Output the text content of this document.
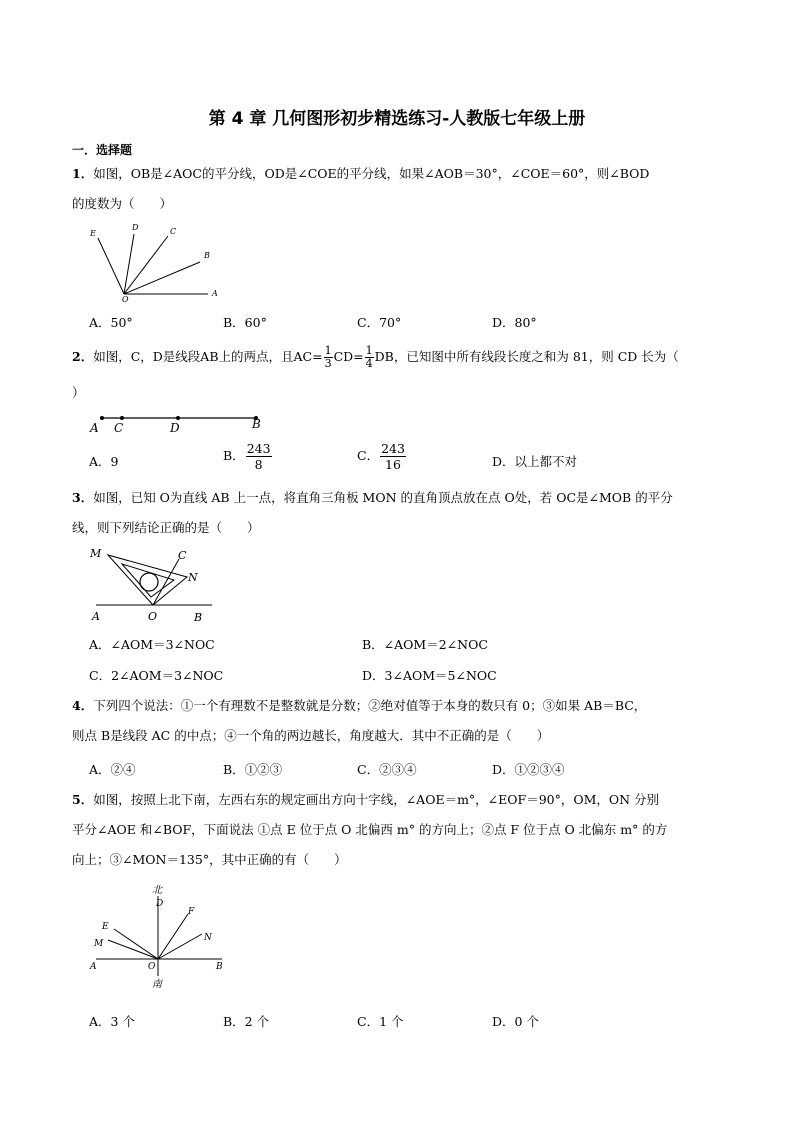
第 4 章 几何图形初步精选练习-人教版七年级上册
一．选择题
1．如图，OB是∠AOC的平分线，OD是∠COE的平分线，如果∠AOB＝30°，∠COE＝60°，则∠BOD
的度数为（　　）
E
D	C
B
O
A
A．50°	B．60°	C．70°	D．80°
2．如图，C，D是线段AB上的两点，且$AC= \frac{1}{3} CD= \frac{1}{4}$ DB，已知图中所有线段长度之和为 81，则 CD 长为（
）
A C	D	B
A．9	B． $\frac{243}{8}$	C． $\frac{243}{16}$	D．以上都不对
3．如图，已知 O为直线 AB 上一点，将直角三角板 MON 的直角顶点放在点 O处，若 OC是∠MOB 的平分
线，则下列结论正确的是（　　）
M	C
N
A	O	B
A．∠AOM＝3∠NOC	B．∠AOM＝2∠NOC
C．2∠AOM＝3∠NOC	D．3∠AOM＝5∠NOC
4．下列四个说法：①一个有理数不是整数就是分数；②绝对值等于本身的数只有 0；③如果 AB＝BC，
则点 B是线段 AC 的中点；④一个角的两边越长，角度越大．其中不正确的是（　　）
A．②④	B．①②③	C．②③④	D．①②③④
5．如图，按照上北下南，左西右东的规定画出方向十字线，∠AOE＝m°，∠EOF＝90°，OM，ON 分别
平分∠AOE 和∠BOF，下面说法 ①点 E 位于点 O 北偏西 m° 的方向上；②点 F 位于点 O 北偏东 m° 的方
向上；③∠MON＝135°，其中正确的有（　　）
北
D
F
E
N
M
A	O	B
南
A．3 个	B．2 个	C．1 个	D．0 个
